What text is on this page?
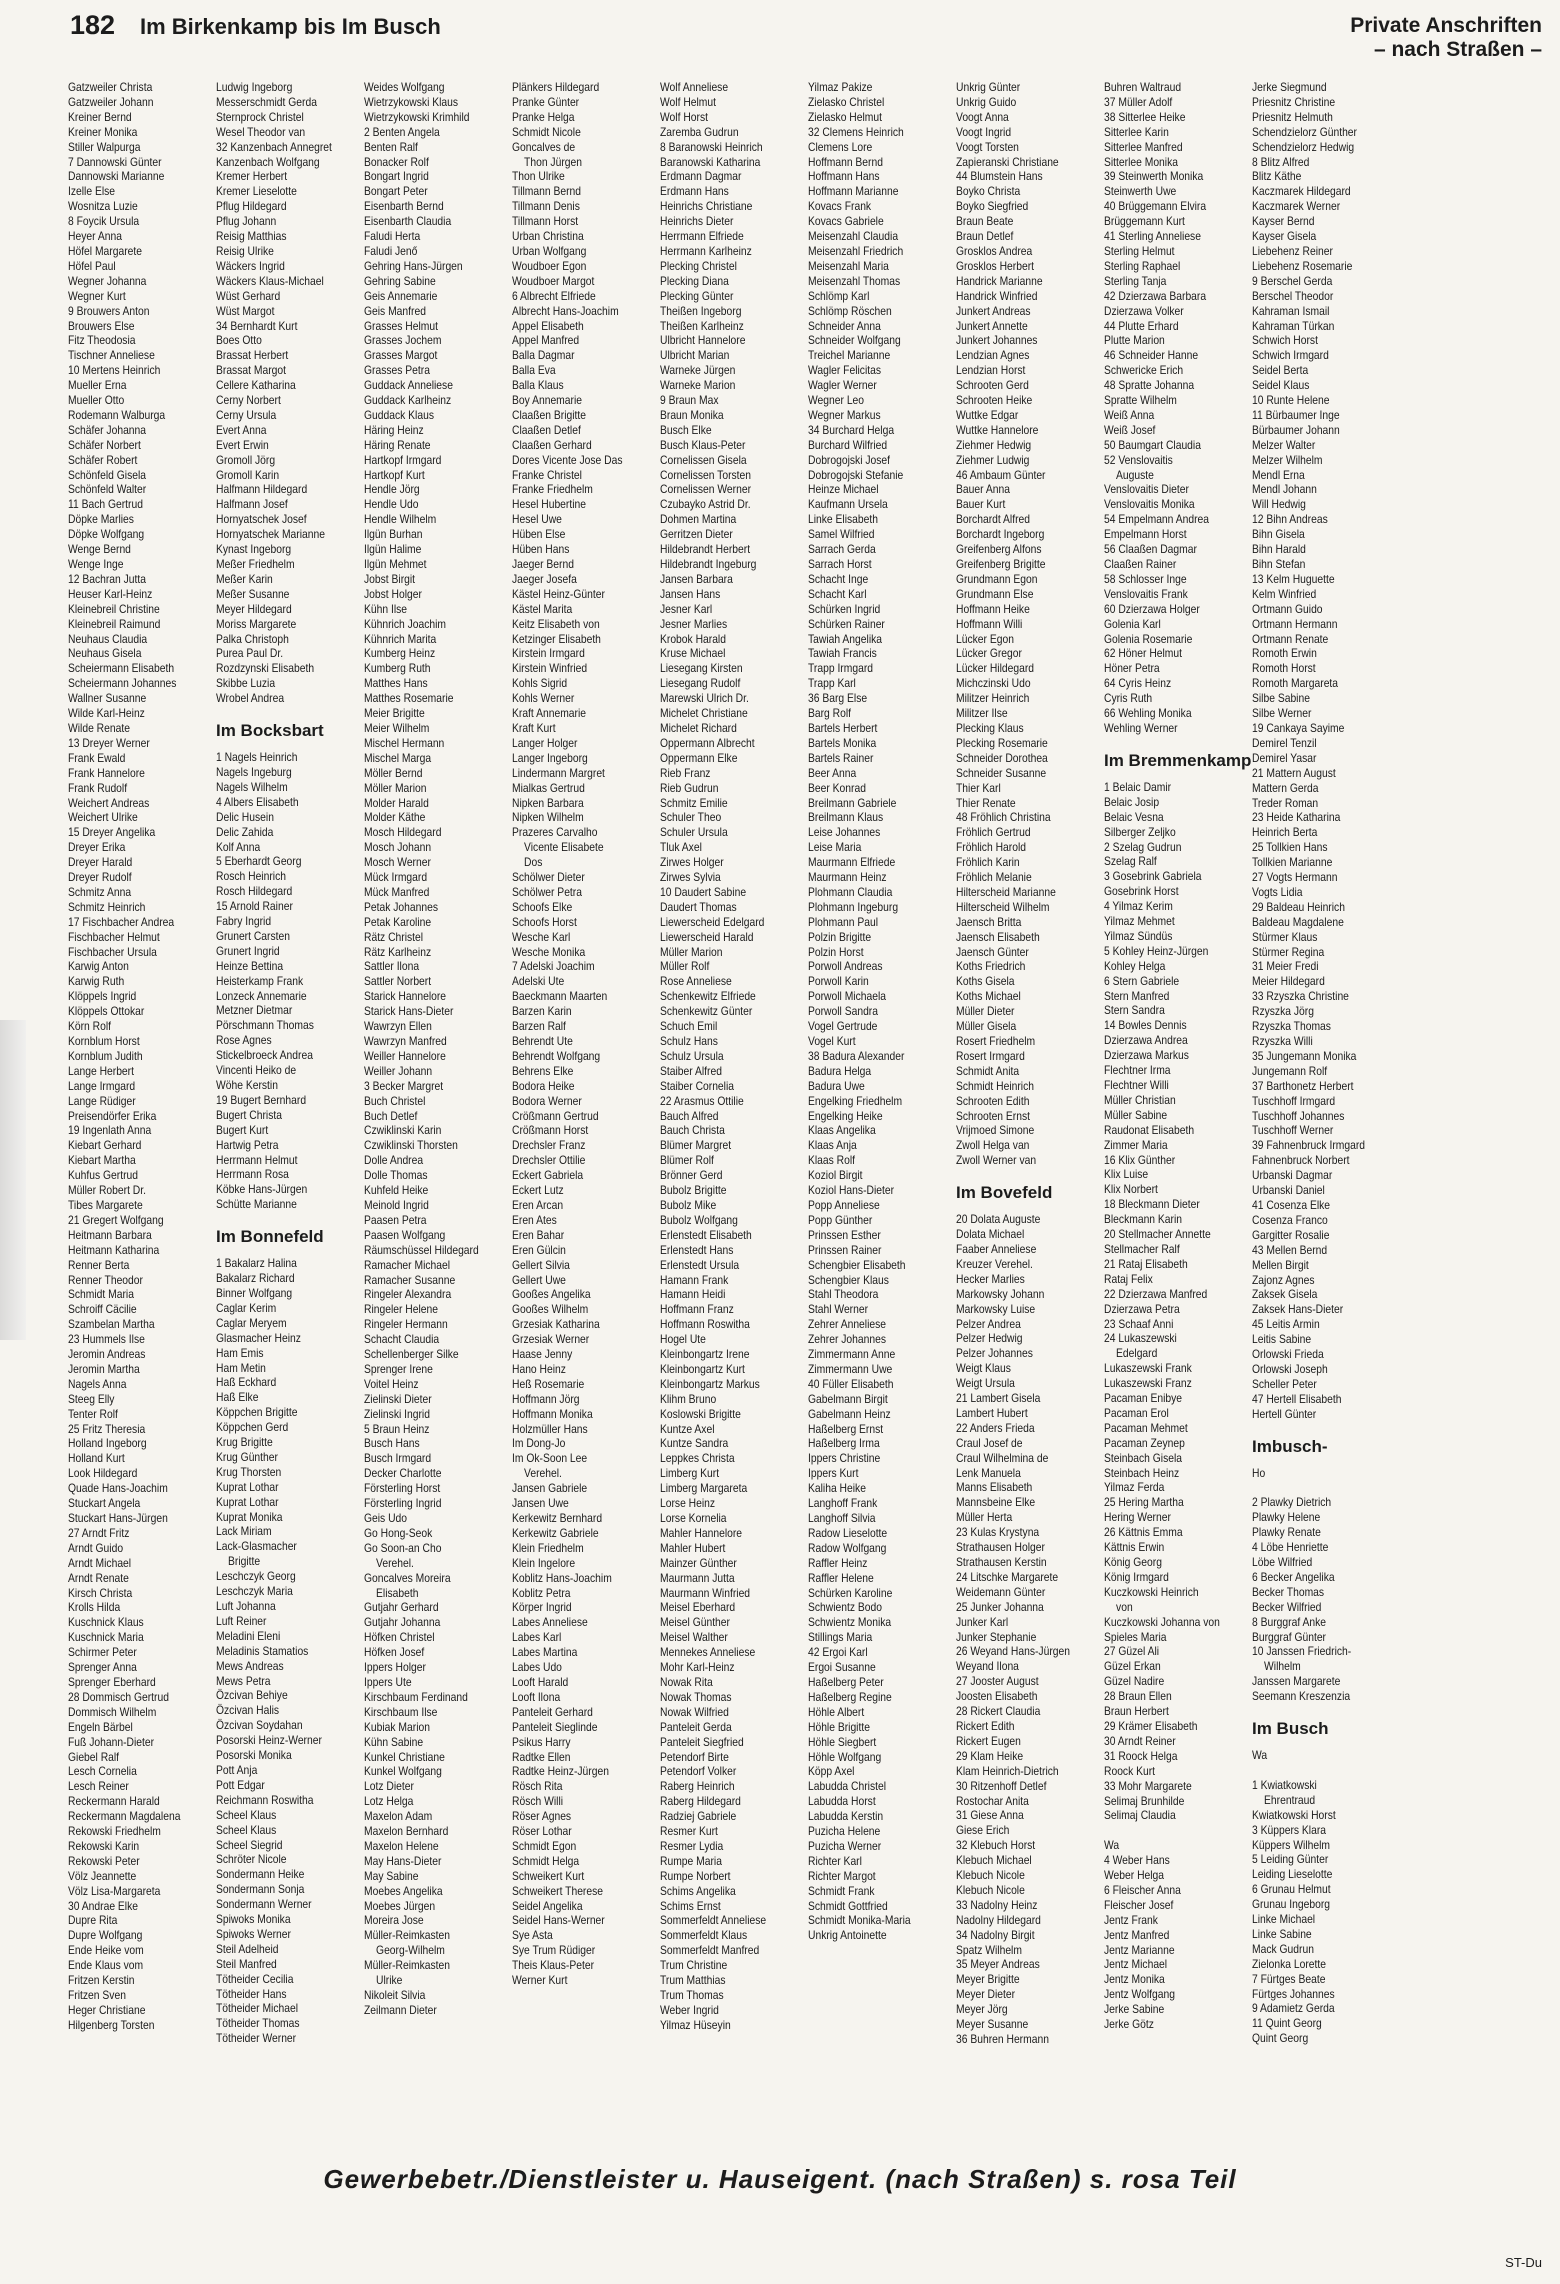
182 Im Birkenkamp bis Im Busch	Private Anschriften
– nach Straßen –
Gatzweiler Christa
Gatzweiler Johann
Kreiner Bernd
Kreiner Monika
Stiller Walpurga
7 Dannowski Günter
Dannowski Marianne
Izelle Else
Wosnitza Luzie
8 Foycik Ursula
Heyer Anna
Höfel Margarete
Höfel Paul
Wegner Johanna
Wegner Kurt
9 Brouwers Anton
Brouwers Else
Fitz Theodosia
Tischner Anneliese
10 Mertens Heinrich
Mueller Erna
Mueller Otto
Rodemann Walburga
Schäfer Johanna
Schäfer Norbert
Schäfer Robert
Schönfeld Gisela
Schönfeld Walter
11 Bach Gertrud
Döpke Marlies
Döpke Wolfgang
Wenge Bernd
Wenge Inge
12 Bachran Jutta
Heuser Karl-Heinz
Kleinebreil Christine
Kleinebreil Raimund
Neuhaus Claudia
Neuhaus Gisela
Scheiermann Elisabeth
Scheiermann Johannes
Wallner Susanne
Wilde Karl-Heinz
Wilde Renate
13 Dreyer Werner
Frank Ewald
Frank Hannelore
Frank Rudolf
Weichert Andreas
Weichert Ulrike
15 Dreyer Angelika
Dreyer Erika
Dreyer Harald
Dreyer Rudolf
Schmitz Anna
Schmitz Heinrich
17 Fischbacher Andrea
Fischbacher Helmut
Fischbacher Ursula
Karwig Anton
Karwig Ruth
Klöppels Ingrid
Klöppels Ottokar
Körn Rolf
Kornblum Horst
Kornblum Judith
Lange Herbert
Lange Irmgard
Lange Rüdiger
Preisendörfer Erika
19 Ingenlath Anna
Kiebart Gerhard
Kiebart Martha
Kuhfus Gertrud
Müller Robert Dr.
Tibes Margarete
21 Gregert Wolfgang
Heitmann Barbara
Heitmann Katharina
Renner Berta
Renner Theodor
Schmidt Maria
Schroiff Cäcilie
Szambelan Martha
23 Hummels Ilse
Jeromin Andreas
Jeromin Martha
Nagels Anna
Steeg Elly
Tenter Rolf
25 Fritz Theresia
Holland Ingeborg
Holland Kurt
Look Hildegard
Quade Hans-Joachim
Stuckart Angela
Stuckart Hans-Jürgen
27 Arndt Fritz
Arndt Guido
Arndt Michael
Arndt Renate
Kirsch Christa
Krolls Hilda
Kuschnick Klaus
Kuschnick Maria
Schirmer Peter
Sprenger Anna
Sprenger Eberhard
28 Dommisch Gertrud
Dommisch Wilhelm
Engeln Bärbel
Fuß Johann-Dieter
Giebel Ralf
Lesch Cornelia
Lesch Reiner
Reckermann Harald
Reckermann Magdalena
Rekowski Friedhelm
Rekowski Karin
Rekowski Peter
Völz Jeannette
Völz Lisa-Margareta
30 Andrae Elke
Dupre Rita
Dupre Wolfgang
Ende Heike vom
Ende Klaus vom
Fritzen Kerstin
Fritzen Sven
Heger Christiane
Hilgenberg Torsten
Ludwig Ingeborg
Messerschmidt Gerda
Sternprock Christel
Wesel Theodor van
32 Kanzenbach Annegret
Kanzenbach Wolfgang
Kremer Herbert
Kremer Lieselotte
Pflug Hildegard
Pflug Johann
Reisig Matthias
Reisig Ulrike
Wäckers Ingrid
Wäckers Klaus-Michael
Wüst Gerhard
Wüst Margot
34 Bernhardt Kurt
Boes Otto
Brassat Herbert
Brassat Margot
Cellere Katharina
Cerny Norbert
Cerny Ursula
Evert Anna
Evert Erwin
Gromoll Jörg
Gromoll Karin
Halfmann Hildegard
Halfmann Josef
Hornyatschek Josef
Hornyatschek Marianne
Kynast Ingeborg
Meßer Friedhelm
Meßer Karin
Meßer Susanne
Meyer Hildegard
Moriss Margarete
Palka Christoph
Purea Paul Dr.
Rozdzynski Elisabeth
Skibbe Luzia
Wrobel Andrea
Im Bocksbart
1 Nagels Heinrich
Nagels Ingeburg
Nagels Wilhelm
4 Albers Elisabeth
Delic Husein
Delic Zahida
Kolf Anna
5 Eberhardt Georg
Rosch Heinrich
Rosch Hildegard
15 Arnold Rainer
Fabry Ingrid
Grunert Carsten
Grunert Ingrid
Heinze Bettina
Heisterkamp Frank
Lonzeck Annemarie
Metzner Dietmar
Pörschmann Thomas
Rose Agnes
Stickelbroeck Andrea
Vincenti Heiko de
Wöhe Kerstin
19 Bugert Bernhard
Bugert Christa
Bugert Kurt
Hartwig Petra
Herrmann Helmut
Herrmann Rosa
Köbke Hans-Jürgen
Schütte Marianne
Im Bonnefeld
1 Bakalarz Halina
Bakalarz Richard
Binner Wolfgang
Caglar Kerim
Caglar Meryem
Glasmacher Heinz
Ham Emis
Ham Metin
Haß Eckhard
Haß Elke
Köppchen Brigitte
Köppchen Gerd
Krug Brigitte
Krug Günther
Krug Thorsten
Kuprat Lothar
Kuprat Lothar
Kuprat Monika
Lack Miriam
Lack-Glasmacher
Brigitte
Leschczyk Georg
Leschczyk Maria
Luft Johanna
Luft Reiner
Meladini Eleni
Meladinis Stamatios
Mews Andreas
Mews Petra
Özcivan Behiye
Özcivan Halis
Özcivan Soydahan
Posorski Heinz-Werner
Posorski Monika
Pott Anja
Pott Edgar
Reichmann Roswitha
Scheel Klaus
Scheel Klaus
Scheel Siegrid
Schröter Nicole
Sondermann Heike
Sondermann Sonja
Sondermann Werner
Spiwoks Monika
Spiwoks Werner
Steil Adelheid
Steil Manfred
Tötheider Cecilia
Tötheider Hans
Tötheider Michael
Tötheider Thomas
Tötheider Werner
Weides Wolfgang
Wietrzykowski Klaus
Wietrzykowski Krimhild
2 Benten Angela
Benten Ralf
Bonacker Rolf
Bongart Ingrid
Bongart Peter
Eisenbarth Bernd
Eisenbarth Claudia
Faludi Herta
Faludi Jenő
Gehring Hans-Jürgen
Gehring Sabine
Geis Annemarie
Geis Manfred
Grasses Helmut
Grasses Jochem
Grasses Margot
Grasses Petra
Guddack Anneliese
Guddack Karlheinz
Guddack Klaus
Häring Heinz
Häring Renate
Hartkopf Irmgard
Hartkopf Kurt
Hendle Jörg
Hendle Udo
Hendle Wilhelm
Ilgün Burhan
Ilgün Halime
Ilgün Mehmet
Jobst Birgit
Jobst Holger
Kühn Ilse
Kühnrich Joachim
Kühnrich Marita
Kumberg Heinz
Kumberg Ruth
Matthes Hans
Matthes Rosemarie
Meier Brigitte
Meier Wilhelm
Mischel Hermann
Mischel Marga
Möller Bernd
Möller Marion
Molder Harald
Molder Käthe
Mosch Hildegard
Mosch Johann
Mosch Werner
Mück Irmgard
Mück Manfred
Petak Johannes
Petak Karoline
Rätz Christel
Rätz Karlheinz
Sattler Ilona
Sattler Norbert
Starick Hannelore
Starick Hans-Dieter
Wawrzyn Ellen
Wawrzyn Manfred
Weiller Hannelore
Weiller Johann
3 Becker Margret
Buch Christel
Buch Detlef
Czwiklinski Karin
Czwiklinski Thorsten
Dolle Andrea
Dolle Thomas
Kuhfeld Heike
Meinold Ingrid
Paasen Petra
Paasen Wolfgang
Räumschüssel Hildegard
Ramacher Michael
Ramacher Susanne
Ringeler Alexandra
Ringeler Helene
Ringeler Hermann
Schacht Claudia
Schellenberger Silke
Sprenger Irene
Voitel Heinz
Zielinski Dieter
Zielinski Ingrid
5 Braun Heinz
Busch Hans
Busch Irmgard
Decker Charlotte
Försterling Horst
Försterling Ingrid
Geis Udo
Go Hong-Seok
Go Soon-an Cho
Verehel.
Goncalves Moreira
Elisabeth
Gutjahr Gerhard
Gutjahr Johanna
Höfken Christel
Höfken Josef
Ippers Holger
Ippers Ute
Kirschbaum Ferdinand
Kirschbaum Ilse
Kubiak Marion
Kühn Sabine
Kunkel Christiane
Kunkel Wolfgang
Lotz Dieter
Lotz Helga
Maxelon Adam
Maxelon Bernhard
Maxelon Helene
May Hans-Dieter
May Sabine
Moebes Angelika
Moebes Jürgen
Moreira Jose
Müller-Reimkasten
Georg-Wilhelm
Müller-Reimkasten
Ulrike
Nikoleit Silvia
Zeilmann Dieter
Plänkers Hildegard
Pranke Günter
Pranke Helga
Schmidt Nicole
Goncalves de
Thon Jürgen
Thon Ulrike
Tillmann Bernd
Tillmann Denis
Tillmann Horst
Urban Christina
Urban Wolfgang
Woudboer Egon
Woudboer Margot
6 Albrecht Elfriede
Albrecht Hans-Joachim
Appel Elisabeth
Appel Manfred
Balla Dagmar
Balla Eva
Balla Klaus
Boy Annemarie
Claaßen Brigitte
Claaßen Detlef
Claaßen Gerhard
Dores Vicente Jose Das
Franke Christel
Franke Friedhelm
Hesel Hubertine
Hesel Uwe
Hüben Else
Hüben Hans
Jaeger Bernd
Jaeger Josefa
Kästel Heinz-Günter
Kästel Marita
Keitz Elisabeth von
Ketzinger Elisabeth
Kirstein Irmgard
Kirstein Winfried
Kohls Sigrid
Kohls Werner
Kraft Annemarie
Kraft Kurt
Langer Holger
Langer Ingeborg
Lindermann Margret
Mialkas Gertrud
Nipken Barbara
Nipken Wilhelm
Prazeres Carvalho
Vicente Elisabete
Dos
Schölwer Dieter
Schölwer Petra
Schoofs Elke
Schoofs Horst
Wesche Karl
Wesche Monika
7 Adelski Joachim
Adelski Ute
Baeckmann Maarten
Barzen Karin
Barzen Ralf
Behrendt Ute
Behrendt Wolfgang
Behrens Elke
Bodora Heike
Bodora Werner
Crößmann Gertrud
Crößmann Horst
Drechsler Franz
Drechsler Ottilie
Eckert Gabriela
Eckert Lutz
Eren Arcan
Eren Ates
Eren Bahar
Eren Gülcin
Gellert Silvia
Gellert Uwe
Gooßes Angelika
Gooßes Wilhelm
Grzesiak Katharina
Grzesiak Werner
Haase Jenny
Hano Heinz
Heß Rosemarie
Hoffmann Jörg
Hoffmann Monika
Holzmüller Hans
Im Dong-Jo
Im Ok-Soon Lee
Verehel.
Jansen Gabriele
Jansen Uwe
Kerkewitz Bernhard
Kerkewitz Gabriele
Klein Friedhelm
Klein Ingelore
Koblitz Hans-Joachim
Koblitz Petra
Körper Ingrid
Labes Anneliese
Labes Karl
Labes Martina
Labes Udo
Looft Harald
Looft Ilona
Panteleit Gerhard
Panteleit Sieglinde
Psikus Harry
Radtke Ellen
Radtke Heinz-Jürgen
Rösch Rita
Rösch Willi
Röser Agnes
Röser Lothar
Schmidt Egon
Schmidt Helga
Schweikert Kurt
Schweikert Therese
Seidel Angelika
Seidel Hans-Werner
Sye Asta
Sye Trum Rüdiger
Theis Klaus-Peter
Werner Kurt
Wolf Anneliese
Wolf Helmut
Wolf Horst
Zaremba Gudrun
8 Baranowski Heinrich
Baranowski Katharina
Erdmann Dagmar
Erdmann Hans
Heinrichs Christiane
Heinrichs Dieter
Herrmann Elfriede
Herrmann Karlheinz
Plecking Christel
Plecking Diana
Plecking Günter
Theißen Ingeborg
Theißen Karlheinz
Ulbricht Hannelore
Ulbricht Marian
Warneke Jürgen
Warneke Marion
9 Braun Max
Braun Monika
Busch Elke
Busch Klaus-Peter
Cornelissen Gisela
Cornelissen Torsten
Cornelissen Werner
Czubayko Astrid Dr.
Dohmen Martina
Gerritzen Dieter
Hildebrandt Herbert
Hildebrandt Ingeburg
Jansen Barbara
Jansen Hans
Jesner Karl
Jesner Marlies
Krobok Harald
Kruse Michael
Liesegang Kirsten
Liesegang Rudolf
Marewski Ulrich Dr.
Michelet Christiane
Michelet Richard
Oppermann Albrecht
Oppermann Elke
Rieb Franz
Rieb Gudrun
Schmitz Emilie
Schuler Theo
Schuler Ursula
Tluk Axel
Zirwes Holger
Zirwes Sylvia
10 Daudert Sabine
Daudert Thomas
Liewerscheid Edelgard
Liewerscheid Harald
Müller Marion
Müller Rolf
Rose Anneliese
Schenkewitz Elfriede
Schenkewitz Günter
Schuch Emil
Schulz Hans
Schulz Ursula
Staiber Alfred
Staiber Cornelia
22 Arasmus Ottilie
Bauch Alfred
Bauch Christa
Blümer Margret
Blümer Rolf
Brönner Gerd
Bubolz Brigitte
Bubolz Mike
Bubolz Wolfgang
Erlenstedt Elisabeth
Erlenstedt Hans
Erlenstedt Ursula
Hamann Frank
Hamann Heidi
Hoffmann Franz
Hoffmann Roswitha
Hogel Ute
Kleinbongartz Irene
Kleinbongartz Kurt
Kleinbongartz Markus
Klihm Bruno
Koslowski Brigitte
Kuntze Axel
Kuntze Sandra
Leppkes Christa
Limberg Kurt
Limberg Margareta
Lorse Heinz
Lorse Kornelia
Mahler Hannelore
Mahler Hubert
Mainzer Günther
Maurmann Jutta
Maurmann Winfried
Meisel Eberhard
Meisel Günther
Meisel Walther
Mennekes Anneliese
Mohr Karl-Heinz
Nowak Rita
Nowak Thomas
Nowak Wilfried
Panteleit Gerda
Panteleit Siegfried
Petendorf Birte
Petendorf Volker
Raberg Heinrich
Raberg Hildegard
Radziej Gabriele
Resmer Kurt
Resmer Lydia
Rumpe Maria
Rumpe Norbert
Schims Angelika
Schims Ernst
Sommerfeldt Anneliese
Sommerfeldt Klaus
Sommerfeldt Manfred
Trum Christine
Trum Matthias
Trum Thomas
Weber Ingrid
Yilmaz Hüseyin
Yilmaz Pakize
Zielasko Christel
Zielasko Helmut
32 Clemens Heinrich
Clemens Lore
Hoffmann Bernd
Hoffmann Hans
Hoffmann Marianne
Kovacs Frank
Kovacs Gabriele
Meisenzahl Claudia
Meisenzahl Friedrich
Meisenzahl Maria
Meisenzahl Thomas
Schlömp Karl
Schlömp Röschen
Schneider Anna
Schneider Wolfgang
Treichel Marianne
Wagler Felicitas
Wagler Werner
Wegner Leo
Wegner Markus
34 Burchard Helga
Burchard Wilfried
Dobrogojski Josef
Dobrogojski Stefanie
Heinze Michael
Kaufmann Ursela
Linke Elisabeth
Samel Wilfried
Sarrach Gerda
Sarrach Horst
Schacht Inge
Schacht Karl
Schürken Ingrid
Schürken Rainer
Tawiah Angelika
Tawiah Francis
Trapp Irmgard
Trapp Karl
36 Barg Else
Barg Rolf
Bartels Herbert
Bartels Monika
Bartels Rainer
Beer Anna
Beer Konrad
Breilmann Gabriele
Breilmann Klaus
Leise Johannes
Leise Maria
Maurmann Elfriede
Maurmann Heinz
Plohmann Claudia
Plohmann Ingeburg
Plohmann Paul
Polzin Brigitte
Polzin Horst
Porwoll Andreas
Porwoll Karin
Porwoll Michaela
Porwoll Sandra
Vogel Gertrude
Vogel Kurt
38 Badura Alexander
Badura Helga
Badura Uwe
Engelking Friedhelm
Engelking Heike
Klaas Angelika
Klaas Anja
Klaas Rolf
Koziol Birgit
Koziol Hans-Dieter
Popp Anneliese
Popp Günther
Prinssen Esther
Prinssen Rainer
Schengbier Elisabeth
Schengbier Klaus
Stahl Theodora
Stahl Werner
Zehrer Anneliese
Zehrer Johannes
Zimmermann Anne
Zimmermann Uwe
40 Füller Elisabeth
Gabelmann Birgit
Gabelmann Heinz
Haßelberg Ernst
Haßelberg Irma
Ippers Christine
Ippers Kurt
Kaliha Heike
Langhoff Frank
Langhoff Silvia
Radow Lieselotte
Radow Wolfgang
Raffler Heinz
Raffler Helene
Schürken Karoline
Schwientz Bodo
Schwientz Monika
Stillings Maria
42 Ergoi Karl
Ergoi Susanne
Haßelberg Peter
Haßelberg Regine
Höhle Albert
Höhle Brigitte
Höhle Siegbert
Höhle Wolfgang
Köpp Axel
Labudda Christel
Labudda Horst
Labudda Kerstin
Puzicha Helene
Puzicha Werner
Richter Karl
Richter Margot
Schmidt Frank
Schmidt Gottfried
Schmidt Monika-Maria
Unkrig Antoinette
Unkrig Günter
Unkrig Guido
Voogt Anna
Voogt Ingrid
Voogt Torsten
Zapieranski Christiane
44 Blumstein Hans
Boyko Christa
Boyko Siegfried
Braun Beate
Braun Detlef
Grosklos Andrea
Grosklos Herbert
Handrick Marianne
Handrick Winfried
Junkert Andreas
Junkert Annette
Junkert Johannes
Lendzian Agnes
Lendzian Horst
Schrooten Gerd
Schrooten Heike
Wuttke Edgar
Wuttke Hannelore
Ziehmer Hedwig
Ziehmer Ludwig
46 Ambaum Günter
Bauer Anna
Bauer Kurt
Borchardt Alfred
Borchardt Ingeborg
Greifenberg Alfons
Greifenberg Brigitte
Grundmann Egon
Grundmann Else
Hoffmann Heike
Hoffmann Willi
Lücker Egon
Lücker Gregor
Lücker Hildegard
Michczinski Udo
Militzer Heinrich
Militzer Ilse
Plecking Klaus
Plecking Rosemarie
Schneider Dorothea
Schneider Susanne
Thier Karl
Thier Renate
48 Fröhlich Christina
Fröhlich Gertrud
Fröhlich Harold
Fröhlich Karin
Fröhlich Melanie
Hilterscheid Marianne
Hilterscheid Wilhelm
Jaensch Britta
Jaensch Elisabeth
Jaensch Günter
Koths Friedrich
Koths Gisela
Koths Michael
Müller Dieter
Müller Gisela
Rosert Friedhelm
Rosert Irmgard
Schmidt Anita
Schmidt Heinrich
Schrooten Edith
Schrooten Ernst
Vrijmoed Simone
Zwoll Helga van
Zwoll Werner van
Im Bovefeld
20 Dolata Auguste
Dolata Michael
Faaber Anneliese
Kreuzer Verehel.
Hecker Marlies
Markowsky Johann
Markowsky Luise
Pelzer Andrea
Pelzer Hedwig
Pelzer Johannes
Weigt Klaus
Weigt Ursula
21 Lambert Gisela
Lambert Hubert
22 Anders Frieda
Craul Josef de
Craul Wilhelmina de
Lenk Manuela
Manns Elisabeth
Mannsbeine Elke
Müller Herta
23 Kulas Krystyna
Strathausen Holger
Strathausen Kerstin
24 Litschke Margarete
Weidemann Günter
25 Junker Johanna
Junker Karl
Junker Stephanie
26 Weyand Hans-Jürgen
Weyand Ilona
27 Jooster August
Joosten Elisabeth
28 Rickert Claudia
Rickert Edith
Rickert Eugen
29 Klam Heike
Klam Heinrich-Dietrich
30 Ritzenhoff Detlef
Rostochar Anita
31 Giese Anna
Giese Erich
32 Klebuch Horst
Klebuch Michael
Klebuch Nicole
Klebuch Nicole
33 Nadolny Heinz
Nadolny Hildegard
34 Nadolny Birgit
Spatz Wilhelm
35 Meyer Andreas
Meyer Brigitte
Meyer Dieter
Meyer Jörg
Meyer Susanne
36 Buhren Hermann
Buhren Waltraud
37 Müller Adolf
38 Sitterlee Heike
Sitterlee Karin
Sitterlee Manfred
Sitterlee Monika
39 Steinwerth Monika
Steinwerth Uwe
40 Brüggemann Elvira
Brüggemann Kurt
41 Sterling Anneliese
Sterling Helmut
Sterling Raphael
Sterling Tanja
42 Dzierzawa Barbara
Dzierzawa Volker
44 Plutte Erhard
Plutte Marion
46 Schneider Hanne
Schwericke Erich
48 Spratte Johanna
Spratte Wilhelm
Weiß Anna
Weiß Josef
50 Baumgart Claudia
52 Venslovaitis
Auguste
Venslovaitis Dieter
Venslovaitis Monika
54 Empelmann Andrea
Empelmann Horst
56 Claaßen Dagmar
Claaßen Rainer
58 Schlosser Inge
Venslovaitis Frank
60 Dzierzawa Holger
Golenia Karl
Golenia Rosemarie
62 Höner Helmut
Höner Petra
64 Cyris Heinz
Cyris Ruth
66 Wehling Monika
Wehling Werner
Im Bremmenkamp
1 Belaic Damir
Belaic Josip
Belaic Vesna
Silberger Zeljko
2 Szelag Gudrun
Szelag Ralf
3 Gosebrink Gabriela
Gosebrink Horst
4 Yilmaz Kerim
Yilmaz Mehmet
Yilmaz Sündüs
5 Kohley Heinz-Jürgen
Kohley Helga
6 Stern Gabriele
Stern Manfred
Stern Sandra
14 Bowles Dennis
Dzierzawa Andrea
Dzierzawa Markus
Flechtner Irma
Flechtner Willi
Müller Christian
Müller Sabine
Raudonat Elisabeth
Zimmer Maria
16 Klix Günther
Klix Luise
Klix Norbert
18 Bleckmann Dieter
Bleckmann Karin
20 Stellmacher Annette
Stellmacher Ralf
21 Rataj Elisabeth
Rataj Felix
22 Dzierzawa Manfred
Dzierzawa Petra
23 Schaaf Anni
24 Lukaszewski
Edelgard
Lukaszewski Frank
Lukaszewski Franz
Pacaman Enibye
Pacaman Erol
Pacaman Mehmet
Pacaman Zeynep
Steinbach Gisela
Steinbach Heinz
Yilmaz Ferda
25 Hering Martha
Hering Werner
26 Kättnis Emma
Kättnis Erwin
König Georg
König Irmgard
Kuczkowski Heinrich
von
Kuczkowski Johanna von
Spieles Maria
27 Güzel Ali
Güzel Erkan
Güzel Nadire
28 Braun Ellen
Braun Herbert
29 Krämer Elisabeth
30 Arndt Reiner
31 Roock Helga
Roock Kurt
33 Mohr Margarete
Selimaj Brunhilde
Selimaj Claudia

Wa
4 Weber Hans
Weber Helga
6 Fleischer Anna
Fleischer Josef
Jentz Frank
Jentz Manfred
Jentz Marianne
Jentz Michael
Jentz Monika
Jentz Wolfgang
Jerke Sabine
Jerke Götz
Jerke Siegmund
Priesnitz Christine
Priesnitz Helmuth
Schendzielorz Günther
Schendzielorz Hedwig
8 Blitz Alfred
Blitz Käthe
Kaczmarek Hildegard
Kaczmarek Werner
Kayser Bernd
Kayser Gisela
Liebehenz Reiner
Liebehenz Rosemarie
9 Berschel Gerda
Berschel Theodor
Kahraman Ismail
Kahraman Türkan
Schwich Horst
Schwich Irmgard
Seidel Berta
Seidel Klaus
10 Runte Helene
11 Bürbaumer Inge
Bürbaumer Johann
Melzer Walter
Melzer Wilhelm
Mendl Erna
Mendl Johann
Will Hedwig
12 Bihn Andreas
Bihn Gisela
Bihn Harald
Bihn Stefan
13 Kelm Huguette
Kelm Winfried
Ortmann Guido
Ortmann Hermann
Ortmann Renate
Romoth Erwin
Romoth Horst
Romoth Margareta
Silbe Sabine
Silbe Werner
19 Cankaya Sayime
Demirel Tenzil
Demirel Yasar
21 Mattern August
Mattern Gerda
Treder Roman
23 Heide Katharina
Heinrich Berta
25 Tollkien Hans
Tollkien Marianne
27 Vogts Hermann
Vogts Lidia
29 Baldeau Heinrich
Baldeau Magdalene
Stürmer Klaus
Stürmer Regina
31 Meier Fredi
Meier Hildegard
33 Rzyszka Christine
Rzyszka Jörg
Rzyszka Thomas
Rzyszka Willi
35 Jungemann Monika
Jungemann Rolf
37 Barthonetz Herbert
Tuschhoff Irmgard
Tuschhoff Johannes
Tuschhoff Werner
39 Fahnenbruck Irmgard
Fahnenbruck Norbert
Urbanski Dagmar
Urbanski Daniel
41 Cosenza Elke
Cosenza Franco
Gargitter Rosalie
43 Mellen Bernd
Mellen Birgit
Zajonz Agnes
Zaksek Gisela
Zaksek Hans-Dieter
45 Leitis Armin
Leitis Sabine
Orlowski Frieda
Orlowski Joseph
Scheller Peter
47 Hertell Elisabeth
Hertell Günter
Imbusch-
Ho

2 Plawky Dietrich
Plawky Helene
Plawky Renate
4 Löbe Henriette
Löbe Wilfried
6 Becker Angelika
Becker Thomas
Becker Wilfried
8 Burggraf Anke
Burggraf Günter
10 Janssen Friedrich-
Wilhelm
Janssen Margarete
Seemann Kreszenzia
Im Busch
Wa

1 Kwiatkowski
Ehrentraud
Kwiatkowski Horst
3 Küppers Klara
Küppers Wilhelm
5 Leiding Günter
Leiding Lieselotte
6 Grunau Helmut
Grunau Ingeborg
Linke Michael
Linke Sabine
Mack Gudrun
Zielonka Lorette
7 Fürtges Beate
Fürtges Johannes
9 Adamietz Gerda
11 Quint Georg
Quint Georg
Gewerbebetr./Dienstleister u. Hauseigent. (nach Straßen) s. rosa Teil
ST-Du
